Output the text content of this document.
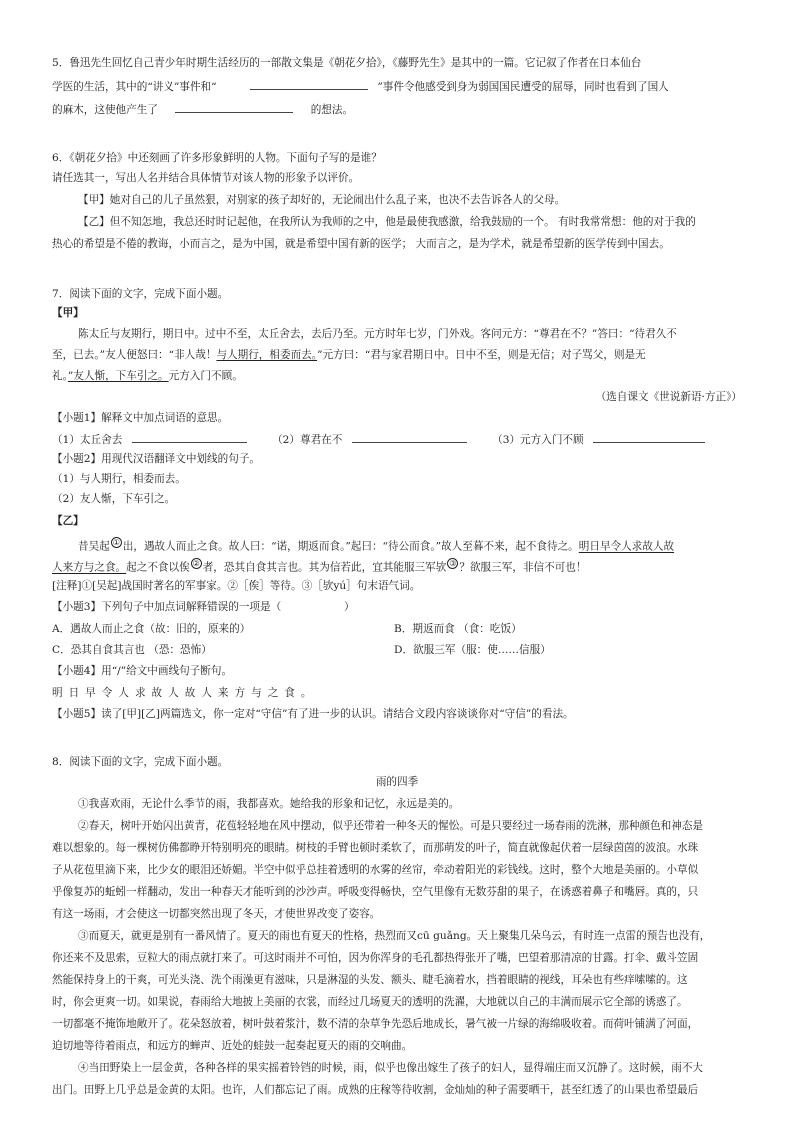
5．鲁迅先生回忆自己青少年时期生活经历的一部散文集是《朝花夕拾》，《藤野先生》是其中的一篇。它记叙了作者在日本仙台
学医的生活，其中的“讲义”事件和“	”事件令他感受到身为弱国国民遭受的屈辱，同时也看到了国人
的麻木，这使他产生了	的想法。
6．《朝花夕拾》中还刻画了许多形象鲜明的人物。下面句子写的是谁？
请任选其一，写出人名并结合具体情节对该人物的形象予以评价。
【甲】她对自己的儿子虽然狠，对别家的孩子却好的，无论闹出什么乱子来，也决不去告诉各人的父母。
【乙】但不知怎地，我总还时时记起他，在我所认为我师的之中，他是最使我感激，给我鼓励的一个。 有时我常常想：他的对于我的
热心的希望是不倦的教诲，小而言之，是为中国，就是希望中国有新的医学； 大而言之，是为学术，就是希望新的医学传到中国去。
7．阅读下面的文字，完成下面小题。
【甲】
陈太丘与友期行，期日中。过中不至，太丘舍去，去后乃至。元方时年七岁，门外戏。客问元方：“尊君在不？”答曰：“待君久不
至，已去。”友人便怒曰：“非人哉！与人期行，相委而去。”元方曰：“君与家君期日中。日中不至，则是无信；对子骂父，则是无
礼。”友人惭，下车引之。元方入门不顾。
（选自课文《世说新语·方正》）
【小题1】解释文中加点词语的意思。
（1）太丘舍去	（2）尊君在不	（3）元方入门不顾
【小题2】用现代汉语翻译文中划线的句子。
（1）与人期行，相委而去。
（2）友人惭，下车引之。
【乙】
昔吴起 ① 出，遇故人而止之食。故人曰：“诺，期返而食。”起曰：“待公而食。”故人至暮不来，起不食待之。明日早令人求故人故
人来方与之食。起之不食以俟 ② 者，恐其自食其言也。其为信若此，宜其能服三军欤 ③ ？欲服三军，非信不可也！
[注释]①[吴起]战国时著名的军事家。②［俟］等待。③［欤yú］句末语气词。
【小题3】下列句子中加点词解释错误的一项是（	）
A．遇故人而止之食（故：旧的，原来的）	B．期返而食 （食：吃饭）
C．恐其自食其言也 （恐：恐怖）	D．欲服三军（服：使……信服）
【小题4】用“/”给文中画线句子断句。
明日早令人求故人故人来方与之食。
【小题5】读了[甲][乙]两篇选文，你一定对“守信”有了进一步的认识。请结合文段内容谈谈你对“守信”的看法。
8．阅读下面的文字，完成下面小题。
雨的四季
①我喜欢雨，无论什么季节的雨，我都喜欢。她给我的形象和记忆，永远是美的。
②春天，树叶开始闪出黄青，花苞轻轻地在风中摆动，似乎还带着一种冬天的惺忪。可是只要经过一场春雨的洗淋，那种颜色和神态是
难以想象的。每一棵树仿佛都睁开特别明亮的眼睛。树枝的手臂也顿时柔软了，而那萌发的叶子，简直就像起伏着一层绿茵茵的波浪。水珠
子从花苞里滴下来，比少女的眼泪还娇媚。半空中似乎总挂着透明的水雾的丝帘，牵动着阳光的彩钱线。这时，整个大地是美丽的。小草似
乎像复苏的蚯蚓一样翻动，发出一种春天才能听到的沙沙声。呼吸变得畅快，空气里像有无数芬甜的果子，在诱惑着鼻子和嘴唇。真的，只
有这一场雨，才会使这一切都突然出现了冬天，才使世界改变了姿容。
③而夏天，就更是别有一番风情了。夏天的雨也有夏天的性格，热烈而又cū guǎng。天上聚集几朵乌云，有时连一点雷的预告也没有，
你还来不及思索，豆粒大的雨点就打来了。可这时雨并不可怕，因为你浑身的毛孔都热得张开了嘴，巴望着那清凉的甘露。打伞、戴斗笠固
然能保持身上的干爽，可光头浇、洗个雨澡更有滋味，只是淋湿的头发、额头、睫毛滴着水，挡着眼睛的视线，耳朵也有些痒嗦嗦的。这
时，你会更爽一切。如果说，春雨给大地披上美丽的衣裳，而经过几场夏天的透明的洗濯，大地就以自己的丰满而展示它全部的诱惑了。
一切都毫不掩饰地敞开了。花朵怒放着，树叶鼓着浆汁，数不清的杂草争先恐后地成长，暑气被一片绿的海绵吸收着。而荷叶铺满了河面，
迫切地等待着雨点，和远方的蝉声、近处的蛙鼓一起奏起夏天的雨的交响曲。
④当田野染上一层金黄，各种各样的果实摇着铃铛的时候，雨，似乎也像出嫁生了孩子的妇人，显得端庄而又沉静了。这时候，雨不大
出门。田野上几乎总是金黄的太阳。也许，人们都忘记了雨。成熟的庄稼等待收割，金灿灿的种子需要晒干，甚至红透了的山果也希望最后
